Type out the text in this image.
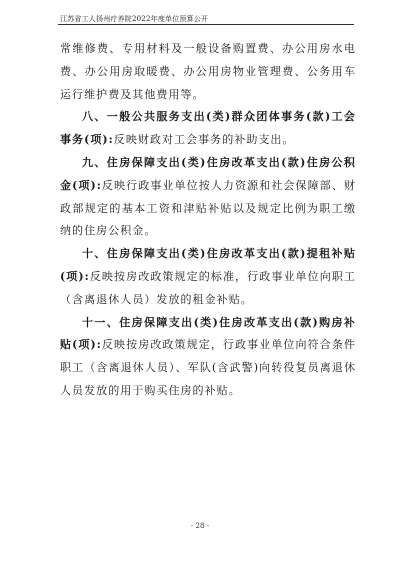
江苏省工人扬州疗养院2022年度单位预算公开

常维修费、专用材料及一般设备购置费、办公用房水电费、办公用房取暖费、办公用房物业管理费、公务用车运行维护费及其他费用等。

八、一般公共服务支出(类)群众团体事务(款)工会事务(项):反映财政对工会事务的补助支出。

九、住房保障支出(类)住房改革支出(款)住房公积金(项):反映行政事业单位按人力资源和社会保障部、财政部规定的基本工资和津贴补贴以及规定比例为职工缴纳的住房公积金。

十、住房保障支出(类)住房改革支出(款)提租补贴(项):反映按房改政策规定的标准，行政事业单位向职工（含离退休人员）发放的租金补贴。

十一、住房保障支出(类)住房改革支出(款)购房补贴(项):反映按房改政策规定，行政事业单位向符合条件职工（含离退休人员）、军队(含武警)向转役复员离退休人员发放的用于购买住房的补贴。

- 28 -
